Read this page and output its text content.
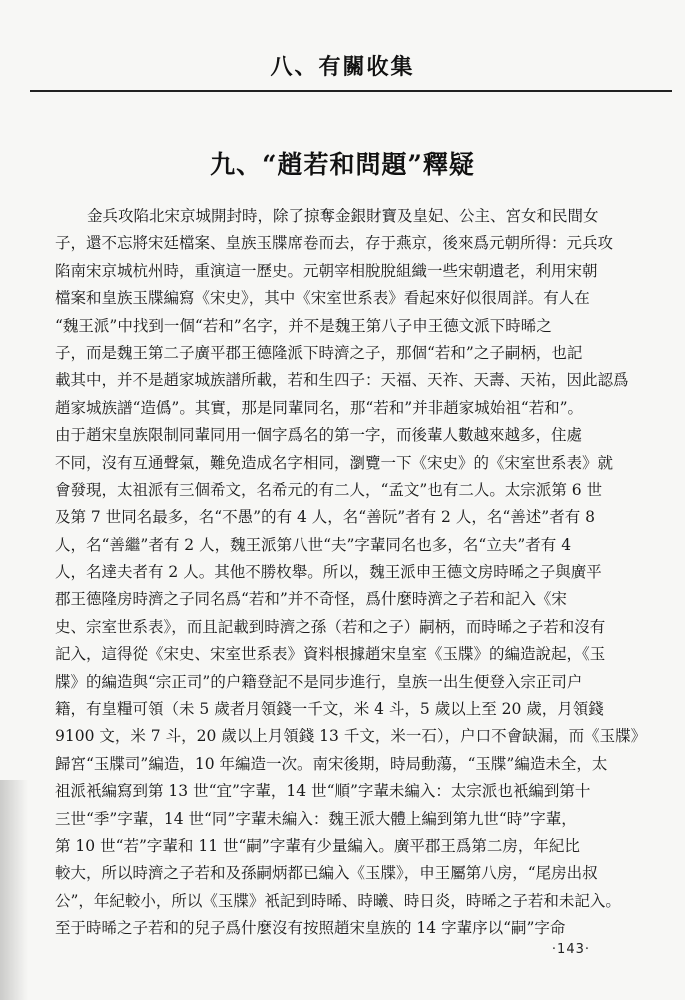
八、有關收集
九、“趙若和問題”釋疑
金兵攻陷北宋京城開封時，除了掠奪金銀財寶及皇妃、公主、宮女和民間女
子，還不忘將宋廷檔案、皇族玉牒席卷而去，存于燕京，後來爲元朝所得：元兵攻
陷南宋京城杭州時，重演這一歷史。元朝宰相脫脫組織一些宋朝遺老，利用宋朝
檔案和皇族玉牒編寫《宋史》，其中《宋室世系表》看起來好似很周詳。有人在
“魏王派”中找到一個“若和”名字，并不是魏王第八子申王德文派下時晞之
子，而是魏王第二子廣平郡王德隆派下時濟之子，那個“若和”之子嗣柄，也記
載其中，并不是趙家城族譜所載，若和生四子：天福、天祚、天壽、天祐，因此認爲
趙家城族譜“造僞”。其實，那是同輩同名，那“若和”并非趙家城始祖“若和”。
由于趙宋皇族限制同輩同用一個字爲名的第一字，而後輩人數越來越多，住處
不同，沒有互通聲氣，難免造成名字相同，瀏覽一下《宋史》的《宋室世系表》就
會發現，太祖派有三個希文，名希元的有二人，“孟文”也有二人。太宗派第 6 世
及第 7 世同名最多，名“不愚”的有 4 人，名“善阮”者有 2 人，名“善述”者有 8
人，名“善繼”者有 2 人，魏王派第八世“夫”字輩同名也多，名“立夫”者有 4
人，名達夫者有 2 人。其他不勝枚舉。所以，魏王派申王德文房時晞之子與廣平
郡王德隆房時濟之子同名爲“若和”并不奇怪，爲什麼時濟之子若和記入《宋
史、宗室世系表》，而且記載到時濟之孫（若和之子）嗣柄，而時晞之子若和沒有
記入，這得從《宋史、宋室世系表》資料根據趙宋皇室《玉牒》的編造說起，《玉
牒》的編造與“宗正司”的户籍登記不是同步進行，皇族一出生便登入宗正司户
籍，有皇糧可領（未 5 歲者月領錢一千文，米 4 斗，5 歲以上至 20 歲，月領錢
9100 文，米 7 斗，20 歲以上月領錢 13 千文，米一石），户口不會缺漏，而《玉牒》
歸宮“玉牒司”編造，10 年編造一次。南宋後期，時局動蕩，“玉牒”編造未全，太
祖派衹編寫到第 13 世“宜”字輩，14 世“順”字輩未編入：太宗派也衹編到第十
三世“季”字輩，14 世“同”字輩未編入：魏王派大體上編到第九世“時”字輩，
第 10 世“若”字輩和 11 世“嗣”字輩有少量編入。廣平郡王爲第二房，年紀比
較大，所以時濟之子若和及孫嗣炳都已編入《玉牒》，申王屬第八房，“尾房出叔
公”，年紀較小，所以《玉牒》衹記到時晞、時曦、時日炎，時晞之子若和未記入。
至于時晞之子若和的兒子爲什麼沒有按照趙宋皇族的 14 字輩序以“嗣”字命
·143·
